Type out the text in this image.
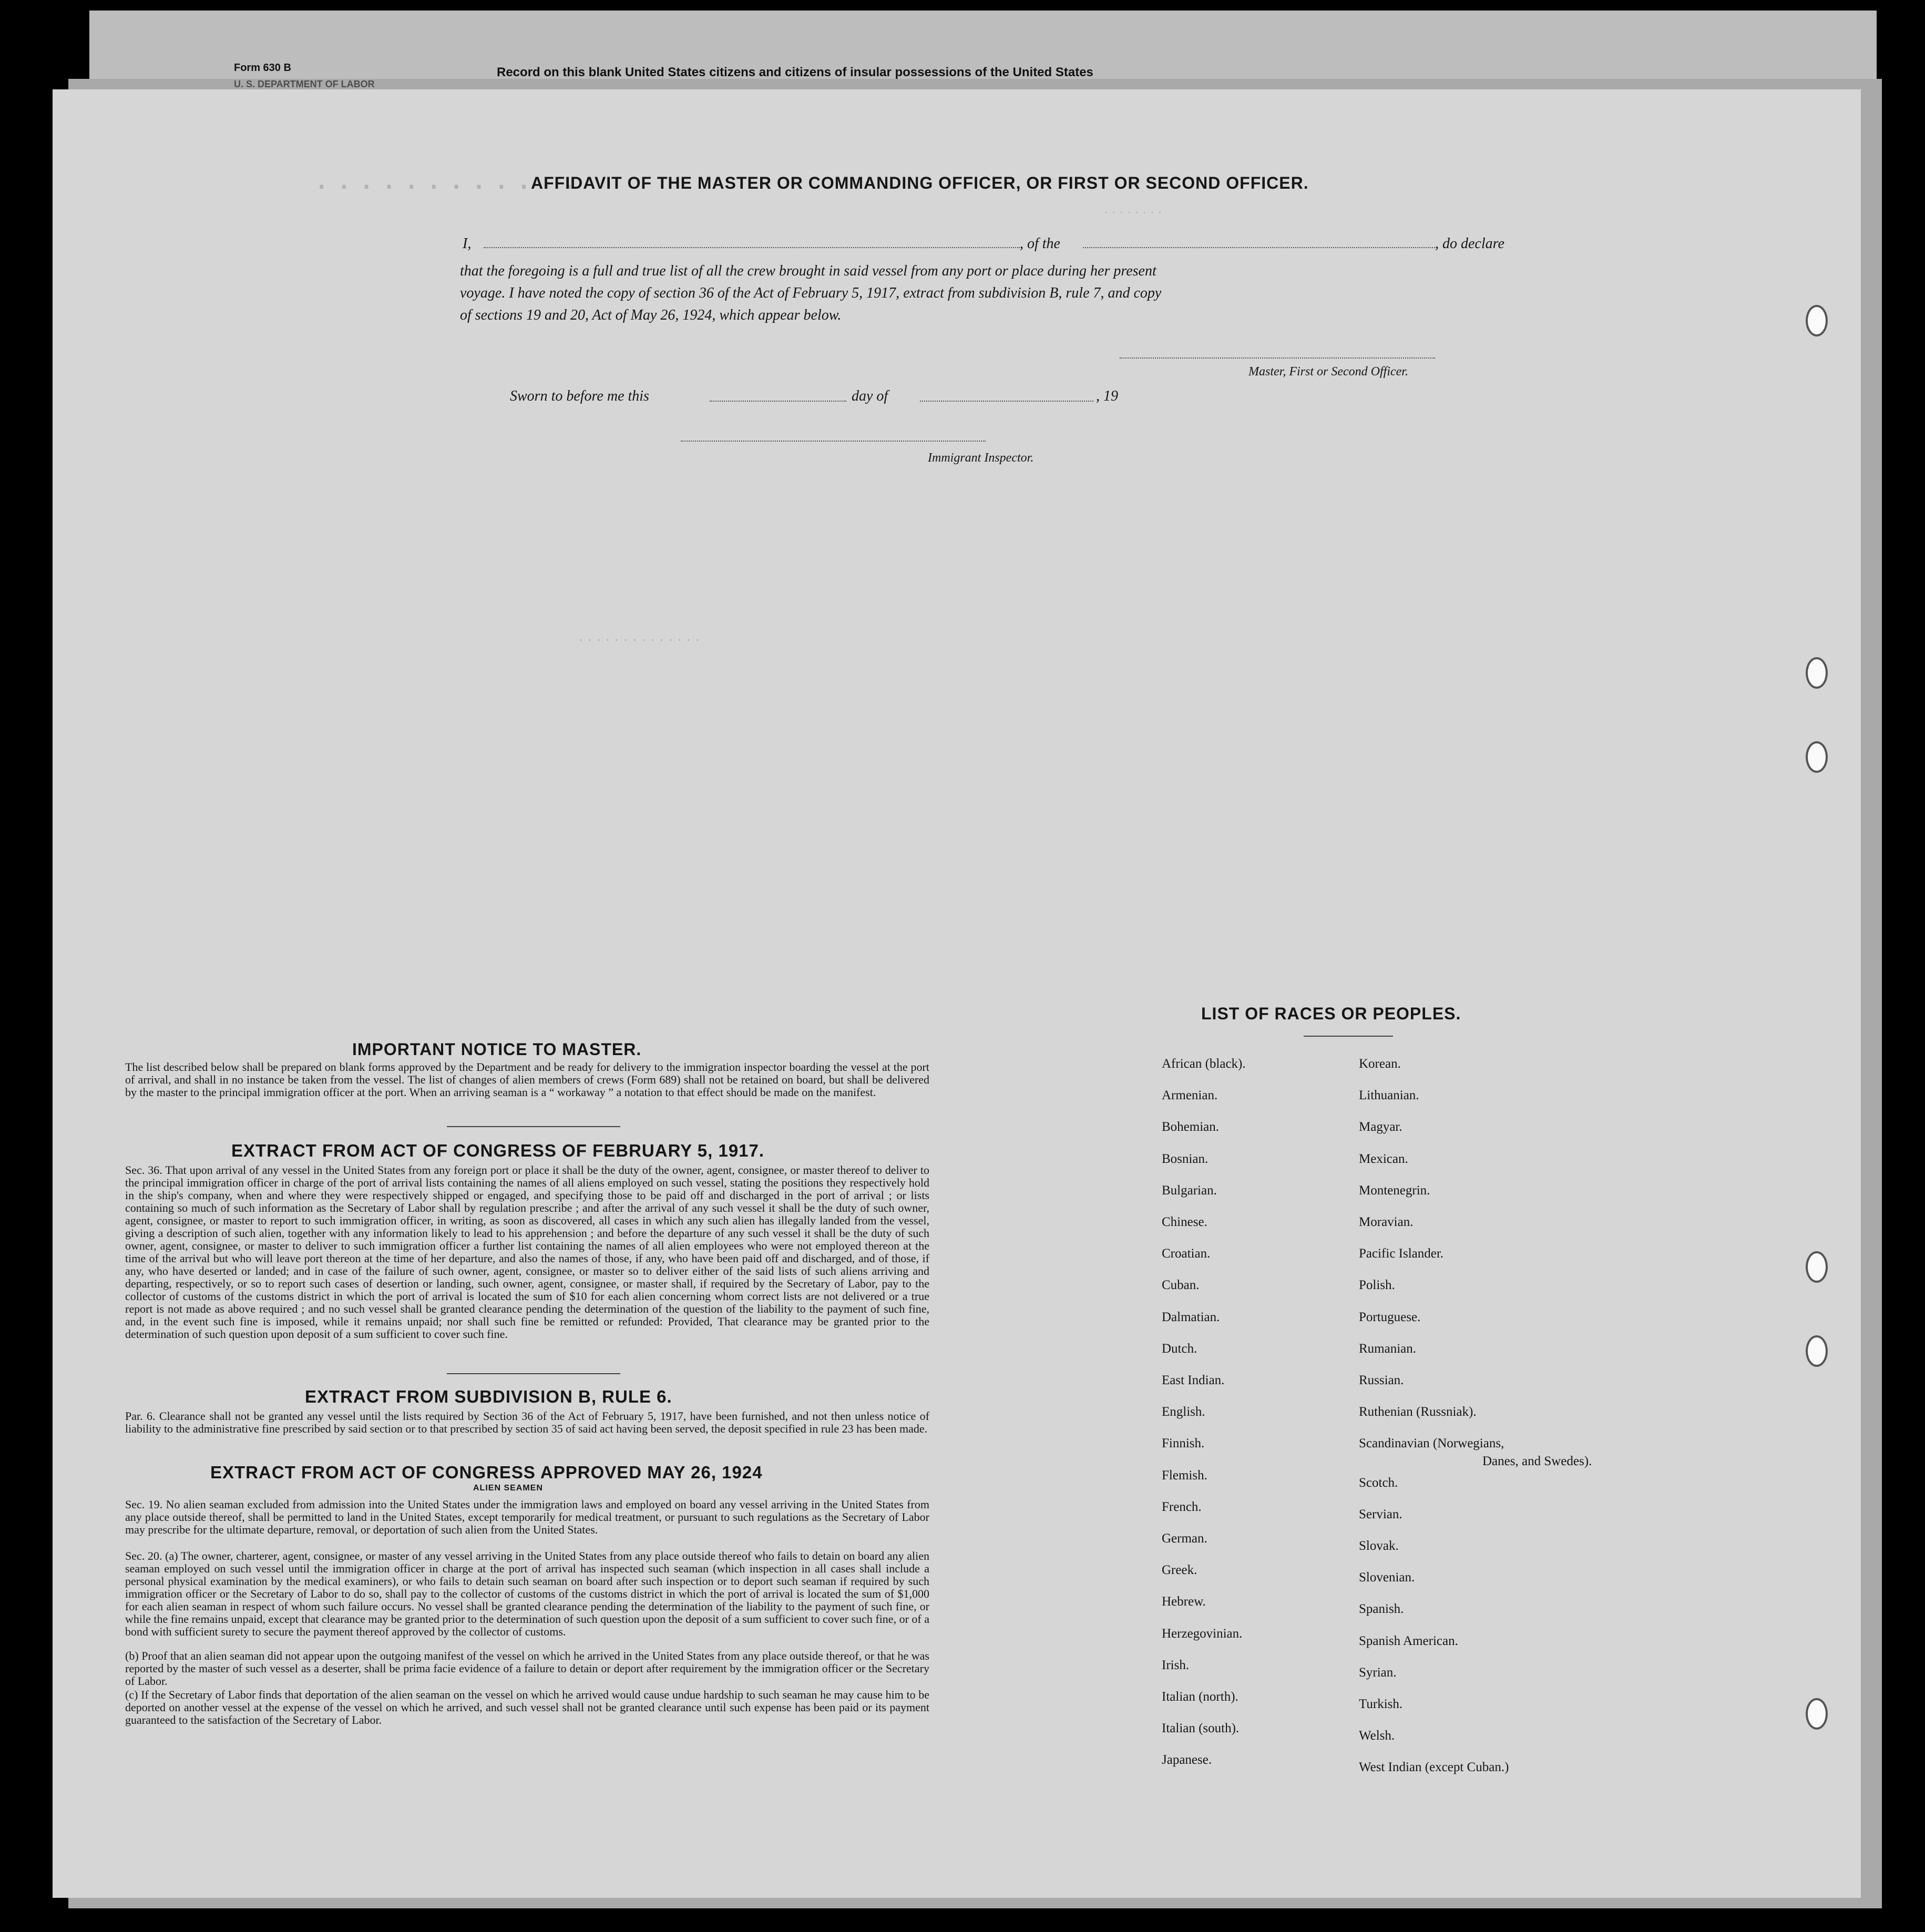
Form 630 B
U. S. DEPARTMENT OF LABOR
Record on this blank United States citizens and citizens of insular possessions of the United States
· · · · · · · · · · · ·
· · · · · · · ·
· · · · · · · · · · · · · ·
AFFIDAVIT OF THE MASTER OR COMMANDING OFFICER, OR FIRST OR SECOND OFFICER.
I,	, of the	, do declare
that the foregoing is a full and true list of all the crew brought in said vessel from any port or place during her present
voyage. I have noted the copy of section 36 of the Act of February 5, 1917, extract from subdivision B, rule 7, and copy
of sections 19 and 20, Act of May 26, 1924, which appear below.
Master, First or Second Officer.
Sworn to before me this	day of	, 19
Immigrant Inspector.
IMPORTANT NOTICE TO MASTER.
The list described below shall be prepared on blank forms approved by the Department and be ready for delivery to the immigration inspector boarding the vessel at the port of arrival, and shall in no instance be taken from the vessel. The list of changes of alien members of crews (Form 689) shall not be retained on board, but shall be delivered by the master to the principal immigration officer at the port. When an arriving seaman is a “ workaway ” a notation to that effect should be made on the manifest.
EXTRACT FROM ACT OF CONGRESS OF FEBRUARY 5, 1917.
Sec. 36. That upon arrival of any vessel in the United States from any foreign port or place it shall be the duty of the owner, agent, consignee, or master thereof to deliver to the principal immigration officer in charge of the port of arrival lists containing the names of all aliens employed on such vessel, stating the positions they respectively hold in the ship's company, when and where they were respectively shipped or engaged, and specifying those to be paid off and discharged in the port of arrival ; or lists containing so much of such information as the Secretary of Labor shall by regulation prescribe ; and after the arrival of any such vessel it shall be the duty of such owner, agent, consignee, or master to report to such immigration officer, in writing, as soon as discovered, all cases in which any such alien has illegally landed from the vessel, giving a description of such alien, together with any information likely to lead to his apprehension ; and before the departure of any such vessel it shall be the duty of such owner, agent, consignee, or master to deliver to such immigration officer a further list containing the names of all alien employees who were not employed thereon at the time of the arrival but who will leave port thereon at the time of her departure, and also the names of those, if any, who have been paid off and discharged, and of those, if any, who have deserted or landed; and in case of the failure of such owner, agent, consignee, or master so to deliver either of the said lists of such aliens arriving and departing, respectively, or so to report such cases of desertion or landing, such owner, agent, consignee, or master shall, if required by the Secretary of Labor, pay to the collector of customs of the customs district in which the port of arrival is located the sum of $10 for each alien concerning whom correct lists are not delivered or a true report is not made as above required ; and no such vessel shall be granted clearance pending the determination of the question of the liability to the payment of such fine, and, in the event such fine is imposed, while it remains unpaid; nor shall such fine be remitted or refunded: Provided, That clearance may be granted prior to the determination of such question upon deposit of a sum sufficient to cover such fine.
EXTRACT FROM SUBDIVISION B, RULE 6.
Par. 6. Clearance shall not be granted any vessel until the lists required by Section 36 of the Act of February 5, 1917, have been furnished, and not then unless notice of liability to the administrative fine prescribed by said section or to that prescribed by section 35 of said act having been served, the deposit specified in rule 23 has been made.
EXTRACT FROM ACT OF CONGRESS APPROVED MAY 26, 1924
ALIEN SEAMEN
Sec. 19. No alien seaman excluded from admission into the United States under the immigration laws and employed on board any vessel arriving in the United States from any place outside thereof, shall be permitted to land in the United States, except temporarily for medical treatment, or pursuant to such regulations as the Secretary of Labor may prescribe for the ultimate departure, removal, or deportation of such alien from the United States.
Sec. 20. (a) The owner, charterer, agent, consignee, or master of any vessel arriving in the United States from any place outside thereof who fails to detain on board any alien seaman employed on such vessel until the immigration officer in charge at the port of arrival has inspected such seaman (which inspection in all cases shall include a personal physical examination by the medical examiners), or who fails to detain such seaman on board after such inspection or to deport such seaman if required by such immigration officer or the Secretary of Labor to do so, shall pay to the collector of customs of the customs district in which the port of arrival is located the sum of $1,000 for each alien seaman in respect of whom such failure occurs. No vessel shall be granted clearance pending the determination of the liability to the payment of such fine, or while the fine remains unpaid, except that clearance may be granted prior to the determination of such question upon the deposit of a sum sufficient to cover such fine, or of a bond with sufficient surety to secure the payment thereof approved by the collector of customs.
(b) Proof that an alien seaman did not appear upon the outgoing manifest of the vessel on which he arrived in the United States from any place outside thereof, or that he was reported by the master of such vessel as a deserter, shall be prima facie evidence of a failure to detain or deport after requirement by the immigration officer or the Secretary of Labor.
(c) If the Secretary of Labor finds that deportation of the alien seaman on the vessel on which he arrived would cause undue hardship to such seaman he may cause him to be deported on another vessel at the expense of the vessel on which he arrived, and such vessel shall not be granted clearance until such expense has been paid or its payment guaranteed to the satisfaction of the Secretary of Labor.
LIST OF RACES OR PEOPLES.
African (black).
Armenian.
Bohemian.
Bosnian.
Bulgarian.
Chinese.
Croatian.
Cuban.
Dalmatian.
Dutch.
East Indian.
English.
Finnish.
Flemish.
French.
German.
Greek.
Hebrew.
Herzegovinian.
Irish.
Italian (north).
Italian (south).
Japanese.
Korean.
Lithuanian.
Magyar.
Mexican.
Montenegrin.
Moravian.
Pacific Islander.
Polish.
Portuguese.
Rumanian.
Russian.
Ruthenian (Russniak).
Scandinavian (Norwegians,
Scotch.
Servian.
Slovak.
Slovenian.
Spanish.
Spanish American.
Syrian.
Turkish.
Welsh.
West Indian (except Cuban.)
Danes, and Swedes).
